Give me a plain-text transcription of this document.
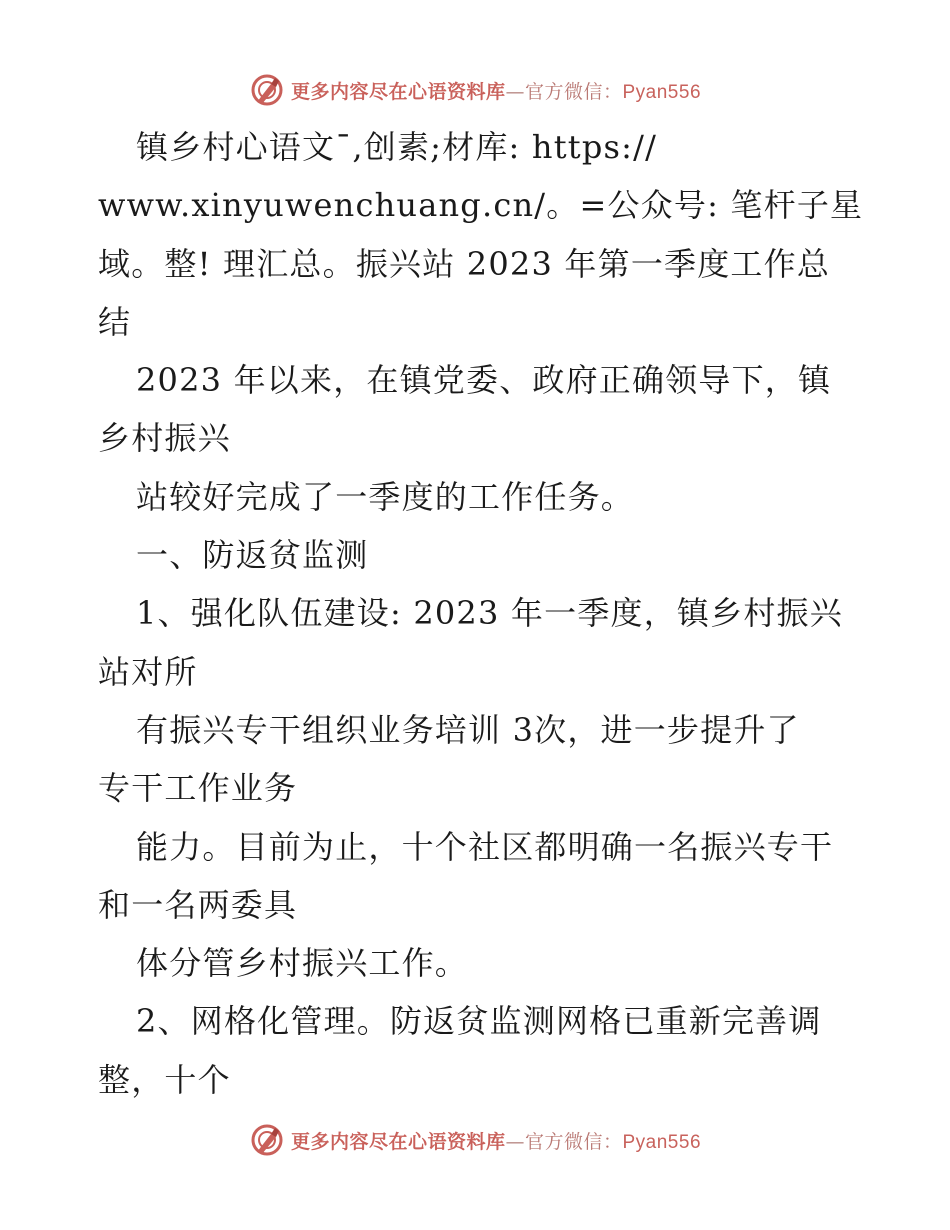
更多内容尽在心语资料库—官方微信：Pyan556
镇乡村心语文¯,创素;材库: https://
www.xinyuwenchuang.cn/。=公众号: 笔杆子星
域。整! 理汇总。振兴站 2023 年第一季度工作总
结
2023 年以来，在镇党委、政府正确领导下，镇
乡村振兴
站较好完成了一季度的工作任务。
一、防返贫监测
1、强化队伍建设: 2023 年一季度，镇乡村振兴
站对所
有振兴专干组织业务培训 3次，进一步提升了
专干工作业务
能力。目前为止，十个社区都明确一名振兴专干
和一名两委具
体分管乡村振兴工作。
2、网格化管理。防返贫监测网格已重新完善调
整，十个
更多内容尽在心语资料库—官方微信：Pyan556
